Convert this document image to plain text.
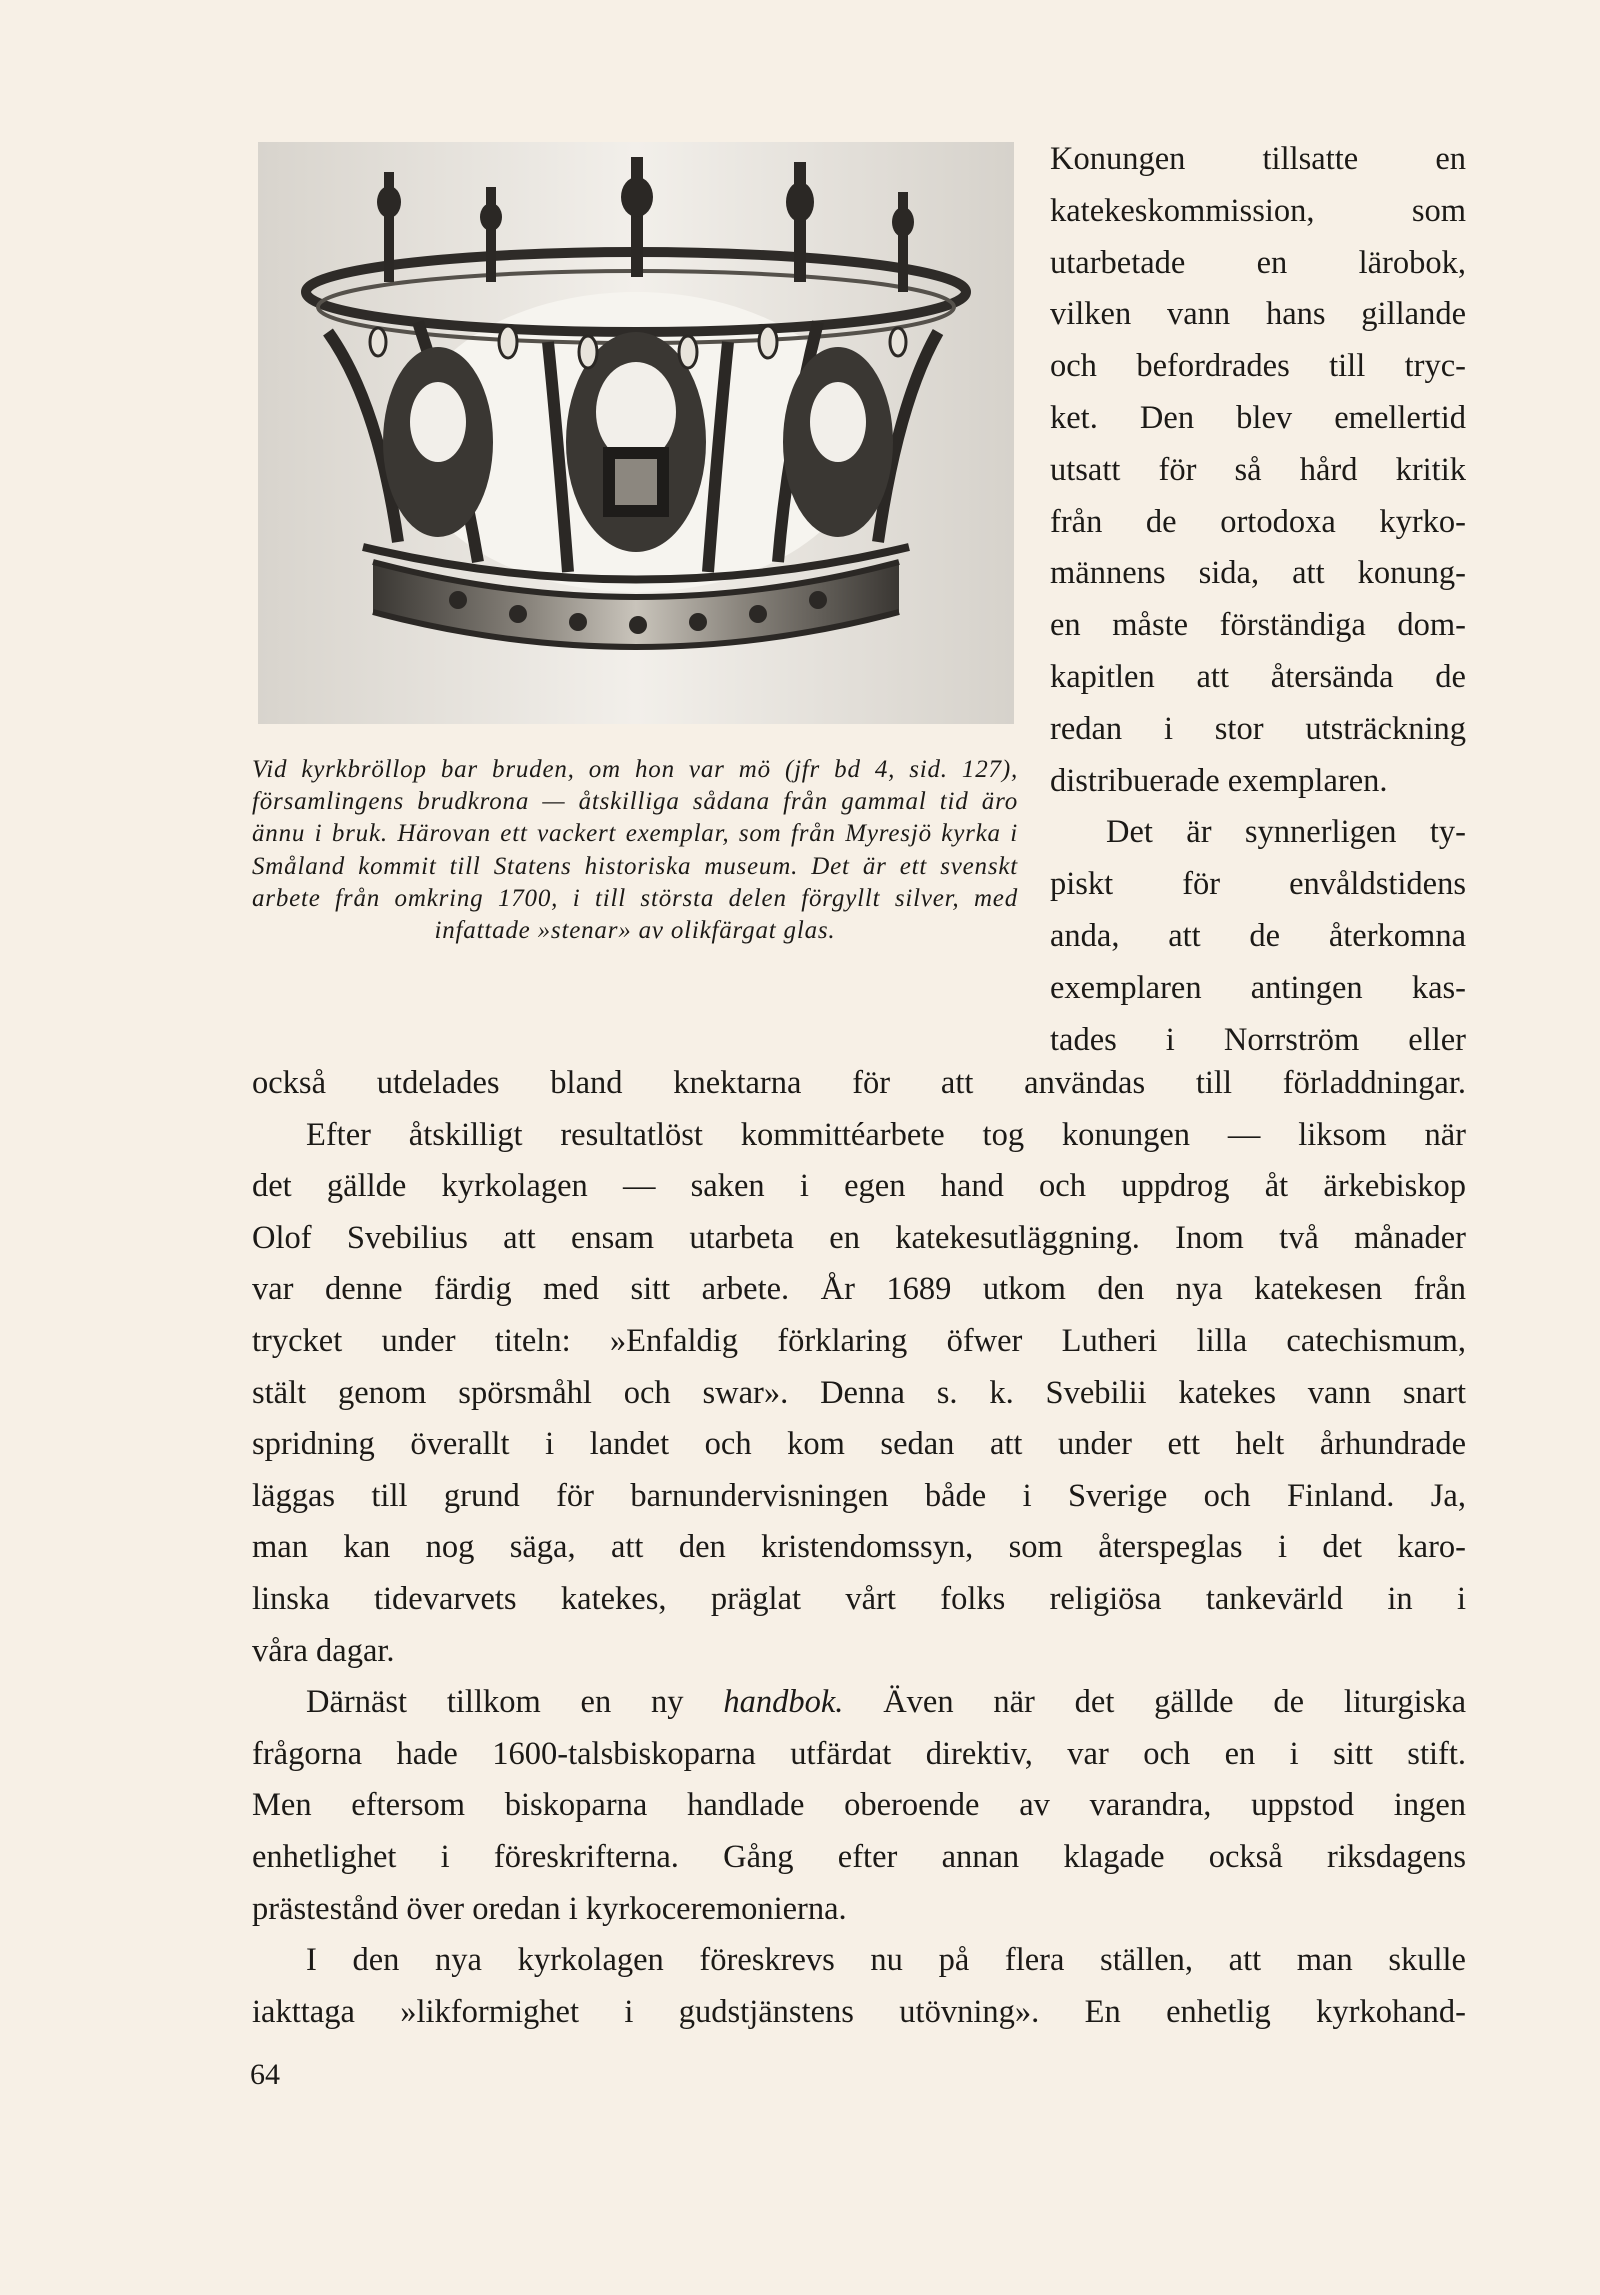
Vid kyrkbröllop bar bruden, om hon var mö (jfr bd 4, sid. 127), församlingens brudkrona — åtskilliga sådana från gammal tid äro ännu i bruk. Härovan ett vackert exemplar, som från Myresjö kyrka i Småland kommit till Statens historiska museum. Det är ett svenskt arbete från omkring 1700, i till största delen förgyllt silver, med infattade »stenar» av olikfärgat glas.

Konungen tillsatte en
katekeskommission, som
utarbetade en lärobok,
vilken vann hans gillande
och befordrades till tryc-
ket. Den blev emellertid
utsatt för så hård kritik
från de ortodoxa kyrko-
männens sida, att konung-
en måste förständiga dom-
kapitlen att återsända de
redan i stor utsträckning
distribuerade exemplaren.
Det är synnerligen ty-
piskt för envåldstidens
anda, att de återkomna
exemplaren antingen kas-
tades i Norrström eller
också utdelades bland knektarna för att användas till förladdningar.
Efter åtskilligt resultatlöst kommittéarbete tog konungen — liksom när
det gällde kyrkolagen — saken i egen hand och uppdrog åt ärkebiskop
Olof Svebilius att ensam utarbeta en katekesutläggning. Inom två månader
var denne färdig med sitt arbete. År 1689 utkom den nya katekesen från
trycket under titeln: »Enfaldig förklaring öfwer Lutheri lilla catechismum,
stält genom spörsmåhl och swar». Denna s. k. Svebilii katekes vann snart
spridning överallt i landet och kom sedan att under ett helt århundrade
läggas till grund för barnundervisningen både i Sverige och Finland. Ja,
man kan nog säga, att den kristendomssyn, som återspeglas i det karo-
linska tidevarvets katekes, präglat vårt folks religiösa tankevärld in i
våra dagar.
Därnäst tillkom en ny handbok. Även när det gällde de liturgiska
frågorna hade 1600-talsbiskoparna utfärdat direktiv, var och en i sitt stift.
Men eftersom biskoparna handlade oberoende av varandra, uppstod ingen
enhetlighet i föreskrifterna. Gång efter annan klagade också riksdagens
prästestånd över oredan i kyrkoceremonierna.
I den nya kyrkolagen föreskrevs nu på flera ställen, att man skulle
iakttaga »likformighet i gudstjänstens utövning». En enhetlig kyrkohand-
64
